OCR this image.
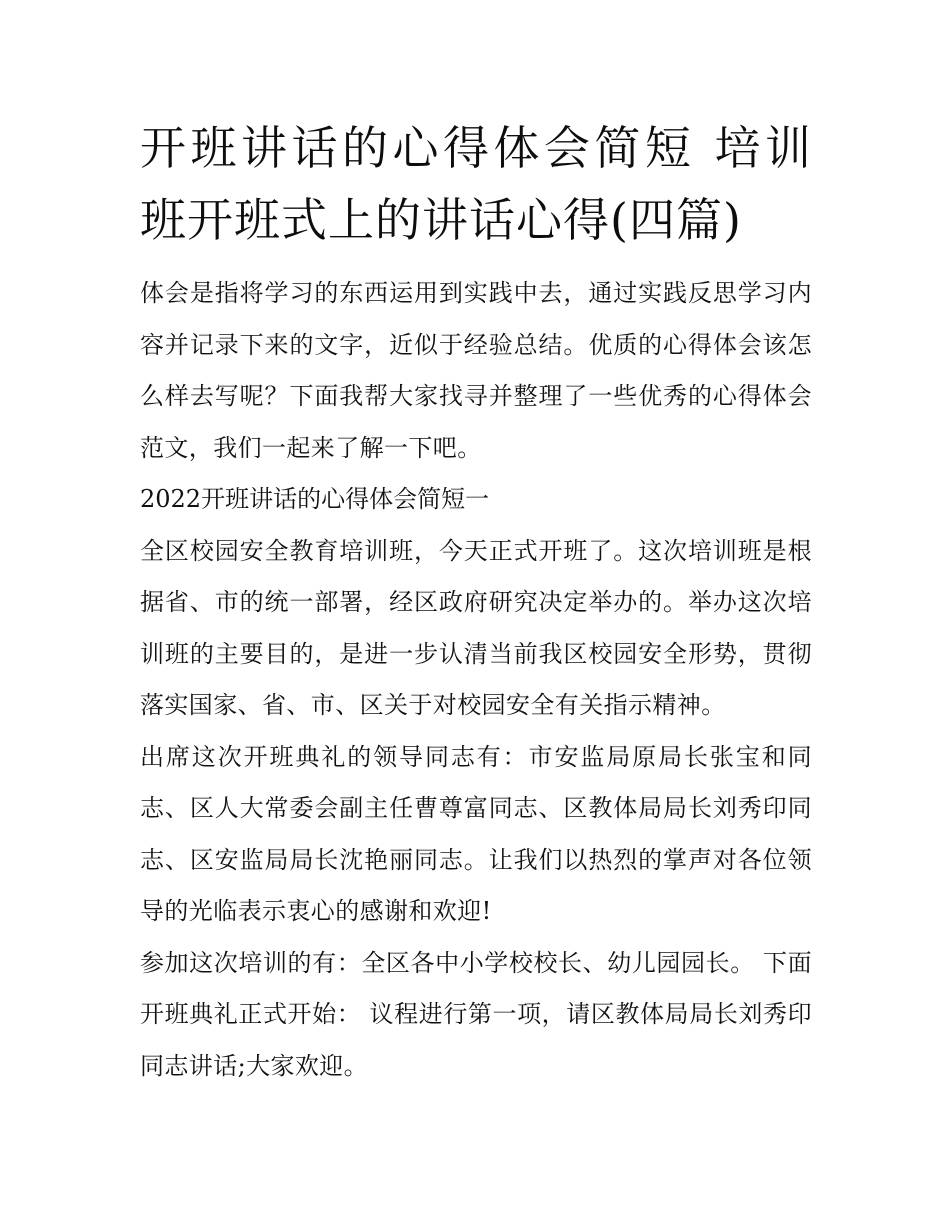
开班讲话的心得体会简短 培训班开班式上的讲话心得(四篇)

体会是指将学习的东西运用到实践中去，通过实践反思学习内容并记录下来的文字，近似于经验总结。优质的心得体会该怎么样去写呢？下面我帮大家找寻并整理了一些优秀的心得体会范文，我们一起来了解一下吧。

2022开班讲话的心得体会简短一

全区校园安全教育培训班，今天正式开班了。这次培训班是根据省、市的统一部署，经区政府研究决定举办的。举办这次培训班的主要目的，是进一步认清当前我区校园安全形势，贯彻落实国家、省、市、区关于对校园安全有关指示精神。

出席这次开班典礼的领导同志有：市安监局原局长张宝和同志、区人大常委会副主任曹尊富同志、区教体局局长刘秀印同志、区安监局局长沈艳丽同志。让我们以热烈的掌声对各位领导的光临表示衷心的感谢和欢迎!

参加这次培训的有：全区各中小学校校长、幼儿园园长。 下面开班典礼正式开始： 议程进行第一项，请区教体局局长刘秀印同志讲话;大家欢迎。
